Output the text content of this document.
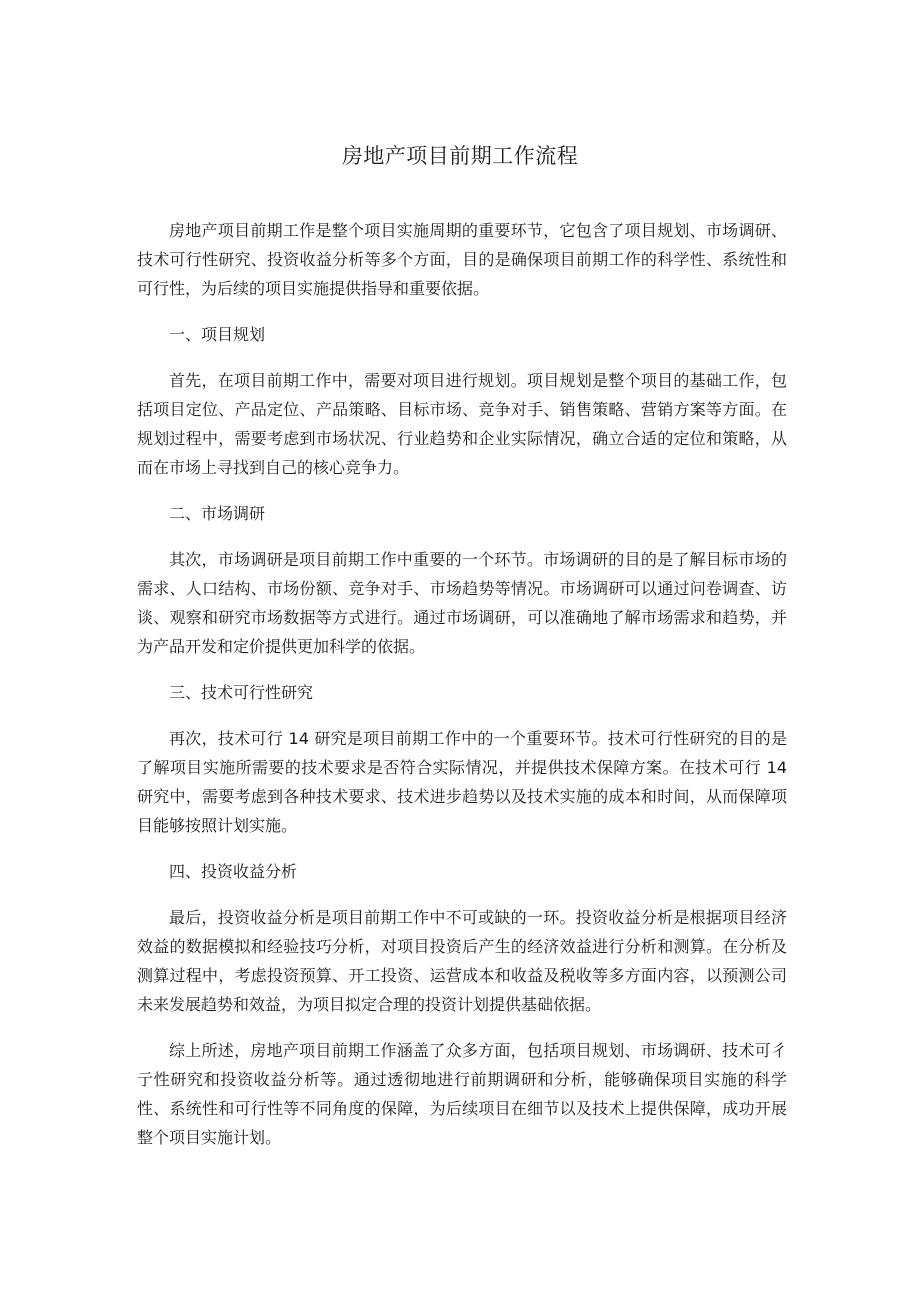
房地产项目前期工作流程

房地产项目前期工作是整个项目实施周期的重要环节，它包含了项目规划、市场调研、技术可行性研究、投资收益分析等多个方面，目的是确保项目前期工作的科学性、系统性和可行性，为后续的项目实施提供指导和重要依据。

一、项目规划

首先，在项目前期工作中，需要对项目进行规划。项目规划是整个项目的基础工作，包括项目定位、产品定位、产品策略、目标市场、竞争对手、销售策略、营销方案等方面。在规划过程中，需要考虑到市场状况、行业趋势和企业实际情况，确立合适的定位和策略，从而在市场上寻找到自己的核心竞争力。

二、市场调研

其次，市场调研是项目前期工作中重要的一个环节。市场调研的目的是了解目标市场的需求、人口结构、市场份额、竞争对手、市场趋势等情况。市场调研可以通过问卷调查、访谈、观察和研究市场数据等方式进行。通过市场调研，可以准确地了解市场需求和趋势，并为产品开发和定价提供更加科学的依据。

三、技术可行性研究

再次，技术可行 14 研究是项目前期工作中的一个重要环节。技术可行性研究的目的是了解项目实施所需要的技术要求是否符合实际情况，并提供技术保障方案。在技术可行 14 研究中，需要考虑到各种技术要求、技术进步趋势以及技术实施的成本和时间，从而保障项目能够按照计划实施。

四、投资收益分析

最后，投资收益分析是项目前期工作中不可或缺的一环。投资收益分析是根据项目经济效益的数据模拟和经验技巧分析，对项目投资后产生的经济效益进行分析和测算。在分析及测算过程中，考虑投资预算、开工投资、运营成本和收益及税收等多方面内容，以预测公司未来发展趋势和效益，为项目拟定合理的投资计划提供基础依据。

综上所述，房地产项目前期工作涵盖了众多方面，包括项目规划、市场调研、技术可彳亍性研究和投资收益分析等。通过透彻地进行前期调研和分析，能够确保项目实施的科学性、系统性和可行性等不同角度的保障，为后续项目在细节以及技术上提供保障，成功开展整个项目实施计划。
